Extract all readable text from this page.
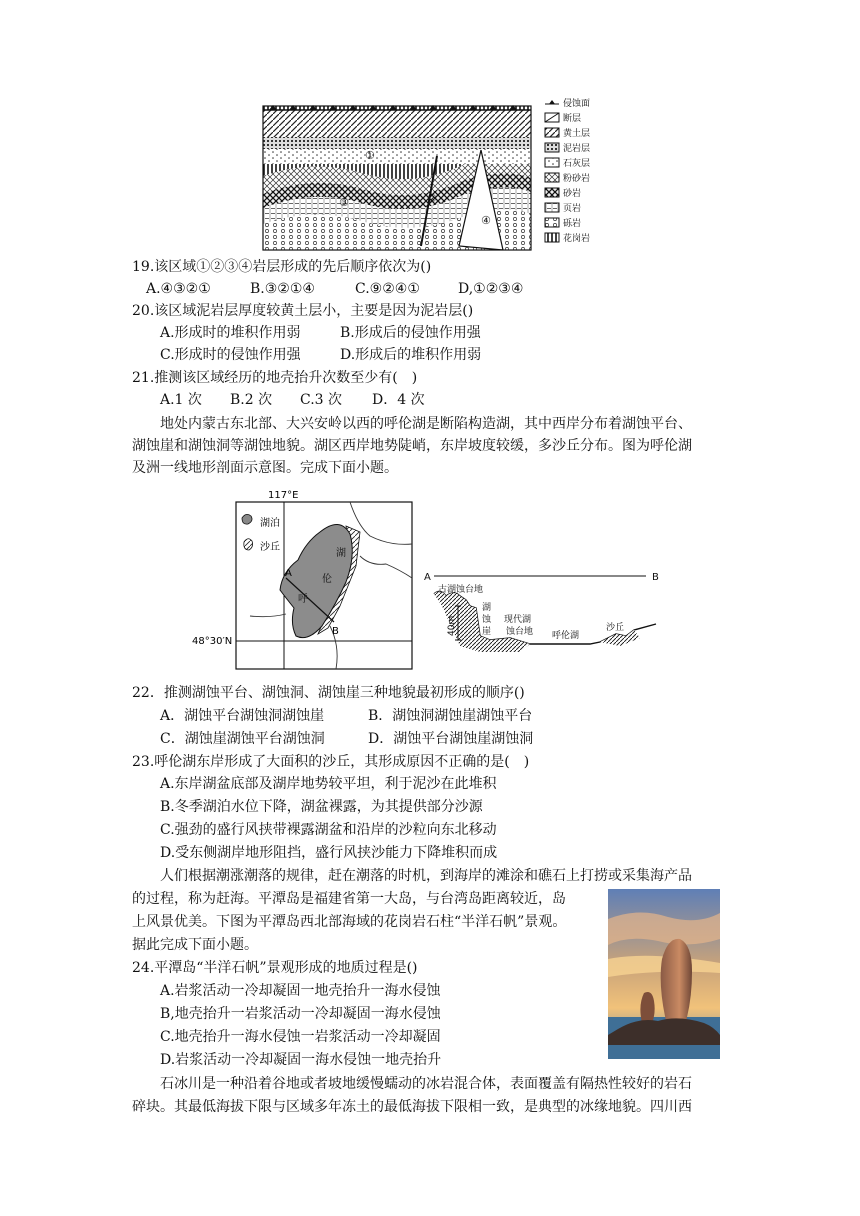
①
②
③
④
侵蚀面
断层
黄土层
泥岩层
石灰层
粉砂岩
砂岩
页岩
砾岩
花岗岩
19.该区域①②③④岩层形成的先后顺序依次为()
A.④③②①	B.③②①④	C.⑨②④①	D,①②③④
20.该区域泥岩层厚度较黄土层小，主要是因为泥岩层()
A.形成时的堆积作用弱	B.形成后的侵蚀作用强
C.形成时的侵蚀作用强	D.形成后的堆积作用弱
21.推测该区域经历的地壳抬升次数至少有(　)
A.1 次 B.2 次 C.3 次 D．4 次
地处内蒙古东北部、大兴安岭以西的呼伦湖是断陷构造湖，其中西岸分布着湖蚀平台、
湖蚀崖和湖蚀洞等湖蚀地貌。湖区西岸地势陡峭，东岸坡度较缓，多沙丘分布。图为呼伦湖
及洲一线地形剖面示意图。完成下面小题。
117°E
48°30′N
湖泊
沙丘
A
B
湖
伦
呼
A	B
古湖蚀台地
40m
湖
蚀
崖
现代湖
蚀台地 呼伦湖
沙丘
22．推测湖蚀平台、湖蚀洞、湖蚀崖三种地貌最初形成的顺序()
A．湖蚀平台湖蚀洞湖蚀崖	B．湖蚀洞湖蚀崖湖蚀平台
C．湖蚀崖湖蚀平台湖蚀洞	D．湖蚀平台湖蚀崖湖蚀洞
23.呼伦湖东岸形成了大面积的沙丘，其形成原因不正确的是(　)
A.东岸湖盆底部及湖岸地势较平坦，利于泥沙在此堆积
B.冬季湖泊水位下降，湖盆裸露，为其提供部分沙源
C.强劲的盛行风挟带裸露湖盆和沿岸的沙粒向东北移动
D.受东侧湖岸地形阻挡，盛行风挟沙能力下降堆积而成
人们根据潮涨潮落的规律，赶在潮落的时机，到海岸的滩涂和礁石上打捞或采集海产品
的过程，称为赶海。平潭岛是福建省第一大岛，与台湾岛距离较近，岛
上风景优美。下图为平潭岛西北部海域的花岗岩石柱“半洋石帆”景观。
据此完成下面小题。
24.平潭岛“半洋石帆”景观形成的地质过程是()
A.岩浆活动一冷却凝固一地壳抬升一海水侵蚀
B,地壳抬升一岩浆活动一冷却凝固一海水侵蚀
C.地壳抬升一海水侵蚀一岩浆活动一冷却凝固
D.岩浆活动一冷却凝固一海水侵蚀一地壳抬升
石冰川是一种沿着谷地或者坡地缓慢蠕动的冰岩混合体，表面覆盖有隔热性较好的岩石
碎块。其最低海拔下限与区域多年冻土的最低海拔下限相一致，是典型的冰缘地貌。四川西
